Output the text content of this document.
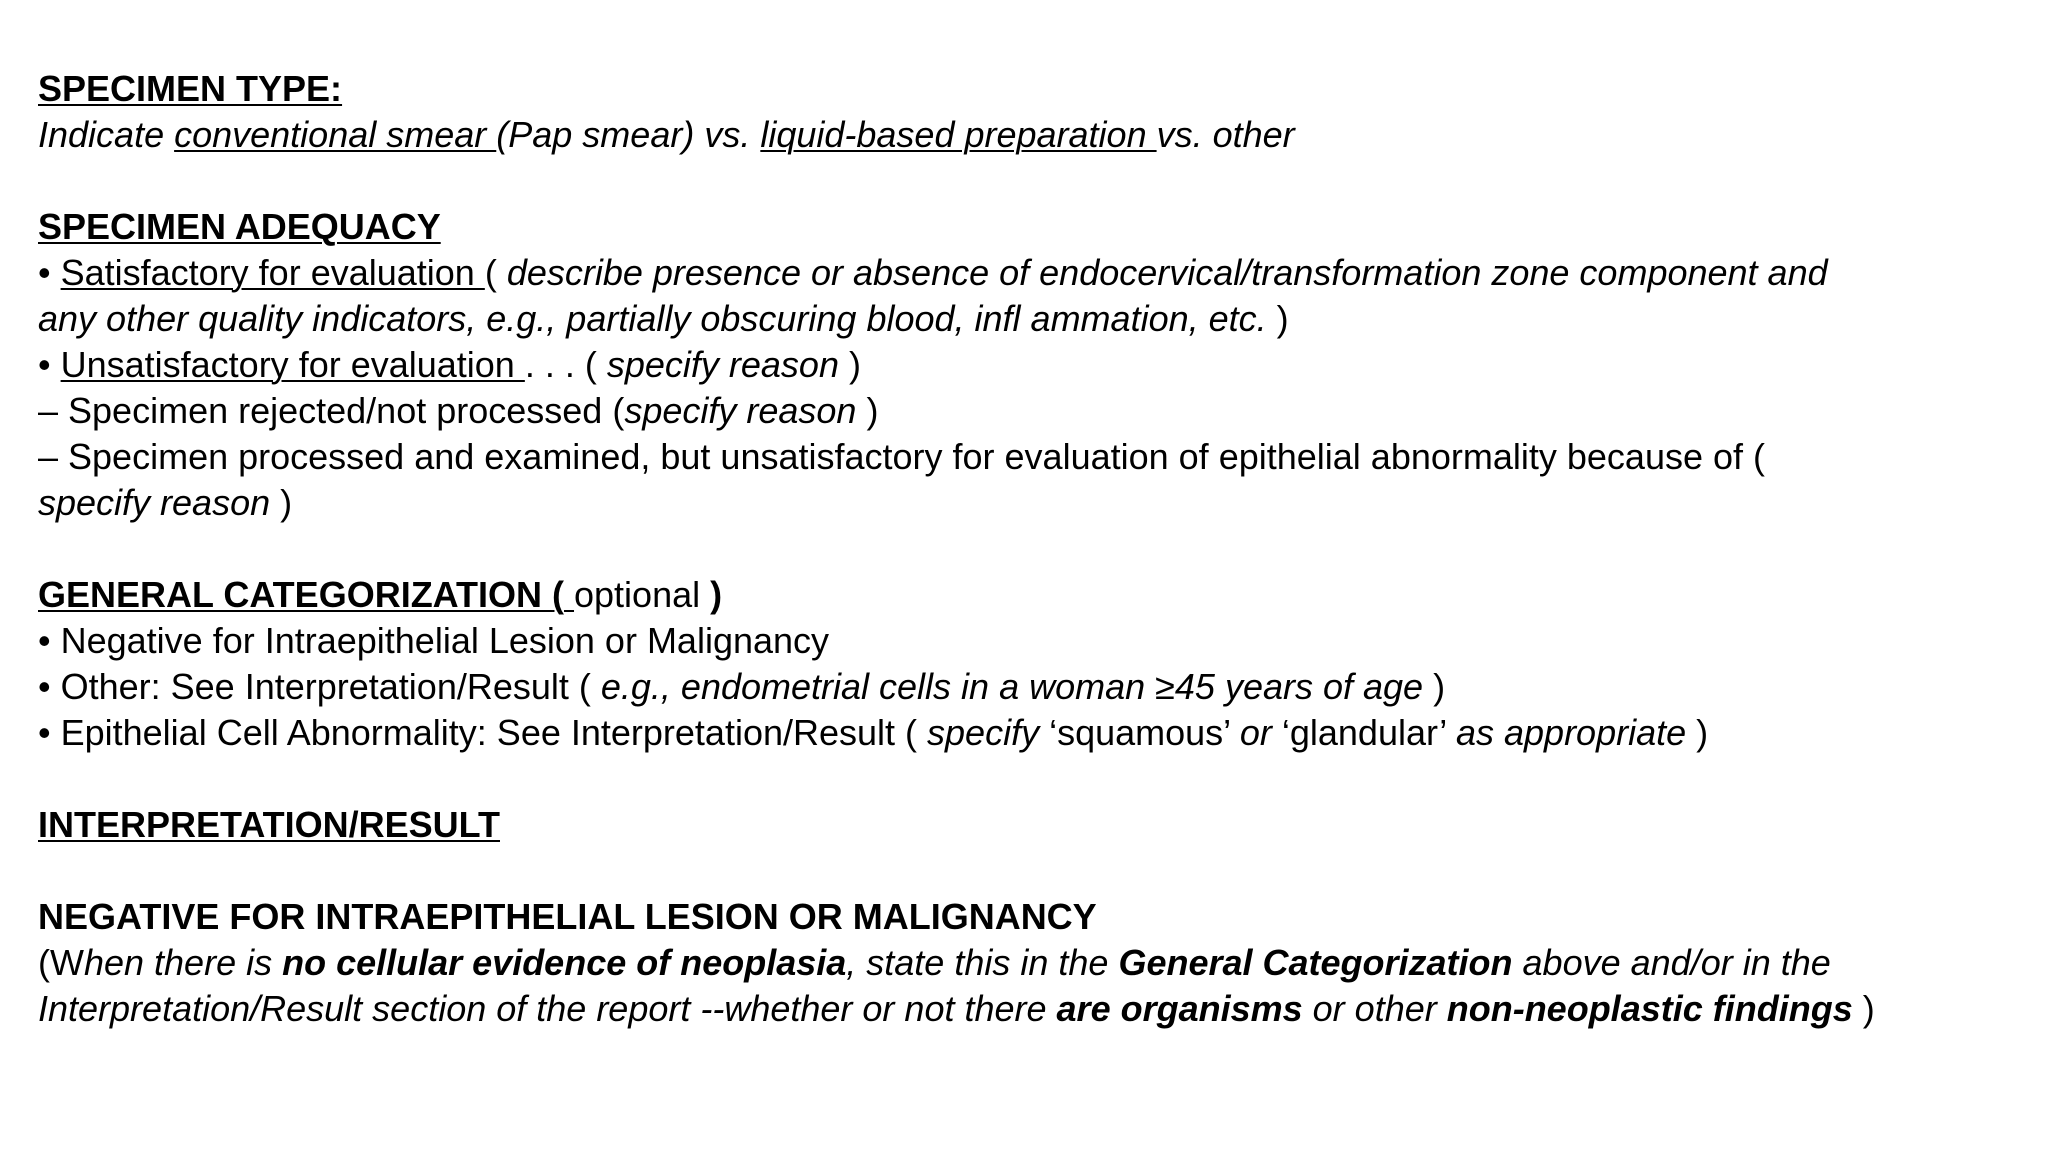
SPECIMEN TYPE:
Indicate conventional smear (Pap smear) vs. liquid-based preparation vs. other
SPECIMEN ADEQUACY
• Satisfactory for evaluation ( describe presence or absence of endocervical/transformation zone component and
any other quality indicators, e.g., partially obscuring blood, infl ammation, etc. )
• Unsatisfactory for evaluation . . . ( specify reason )
– Specimen rejected/not processed (specify reason )
– Specimen processed and examined, but unsatisfactory for evaluation of epithelial abnormality because of (
specify reason )
GENERAL CATEGORIZATION ( optional )
• Negative for Intraepithelial Lesion or Malignancy
• Other: See Interpretation/Result ( e.g., endometrial cells in a woman ≥45 years of age )
• Epithelial Cell Abnormality: See Interpretation/Result ( specify ‘squamous’ or ‘glandular’ as appropriate )
INTERPRETATION/RESULT
NEGATIVE FOR INTRAEPITHELIAL LESION OR MALIGNANCY
(When there is no cellular evidence of neoplasia, state this in the General Categorization above and/or in the
Interpretation/Result section of the report --whether or not there are organisms or other non-neoplastic findings )
